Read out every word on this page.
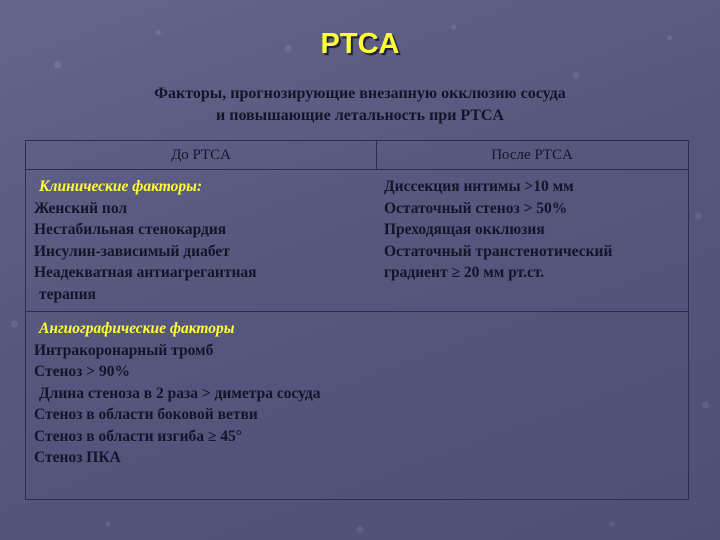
PTCA
Факторы, прогнозирующие внезапную окклюзию сосуда
и повышающие летальность при PTCA
До PTCA	После PTCA
Клинические факторы:
Женский пол
Нестабильная стенокардия
Инсулин-зависимый диабет
Неадекватная антиагрегантная
терапия
Диссекция интимы >10 мм
Остаточный стеноз > 50%
Преходящая окклюзия
Остаточный транстенотический
градиент ≥ 20 мм рт.ст.
Ангиографические факторы
Интракоронарный тромб
Стеноз > 90%
Длина стеноза в 2 раза > диметра сосуда
Стеноз в области боковой ветви
Стеноз в области изгиба ≥ 45°
Стеноз ПКА
